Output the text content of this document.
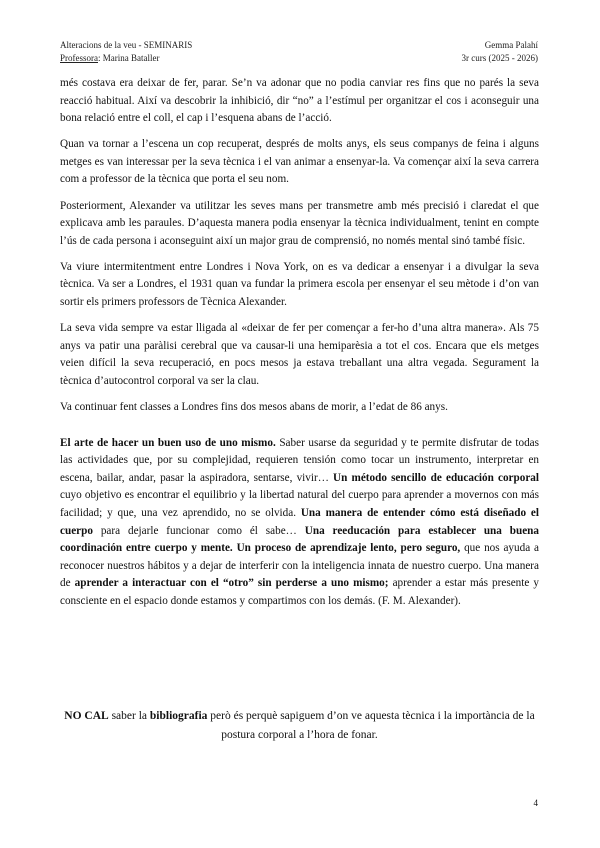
Alteracions de la veu - SEMINARIS
Professora: Marina Bataller
Gemma Palahí
3r curs (2025 - 2026)

més costava era deixar de fer, parar. Se’n va adonar que no podia canviar res fins que no parés la seva reacció habitual. Així va descobrir la inhibició, dir “no” a l’estímul per organitzar el cos i aconseguir una bona relació entre el coll, el cap i l’esquena abans de l’acció.

Quan va tornar a l’escena un cop recuperat, després de molts anys, els seus companys de feina i alguns metges es van interessar per la seva tècnica i el van animar a ensenyar-la. Va començar així la seva carrera com a professor de la tècnica que porta el seu nom.

Posteriorment, Alexander va utilitzar les seves mans per transmetre amb més precisió i claredat el que explicava amb les paraules. D’aquesta manera podia ensenyar la tècnica individualment, tenint en compte l’ús de cada persona i aconseguint així un major grau de comprensió, no només mental sinó també físic.

Va viure intermitentment entre Londres i Nova York, on es va dedicar a ensenyar i a divulgar la seva tècnica. Va ser a Londres, el 1931 quan va fundar la primera escola per ensenyar el seu mètode i d’on van sortir els primers professors de Tècnica Alexander.

La seva vida sempre va estar lligada al «deixar de fer per començar a fer-ho d’una altra manera». Als 75 anys va patir una paràlisi cerebral que va causar-li una hemiparèsia a tot el cos. Encara que els metges veien difícil la seva recuperació, en pocs mesos ja estava treballant una altra vegada. Segurament la tècnica d’autocontrol corporal va ser la clau.

Va continuar fent classes a Londres fins dos mesos abans de morir, a l’edat de 86 anys.

El arte de hacer un buen uso de uno mismo. Saber usarse da seguridad y te permite disfrutar de todas las actividades que, por su complejidad, requieren tensión como tocar un instrumento, interpretar en escena, bailar, andar, pasar la aspiradora, sentarse, vivir… Un método sencillo de educación corporal cuyo objetivo es encontrar el equilibrio y la libertad natural del cuerpo para aprender a movernos con más facilidad; y que, una vez aprendido, no se olvida. Una manera de entender cómo está diseñado el cuerpo para dejarle funcionar como él sabe… Una reeducación para establecer una buena coordinación entre cuerpo y mente. Un proceso de aprendizaje lento, pero seguro, que nos ayuda a reconocer nuestros hábitos y a dejar de interferir con la inteligencia innata de nuestro cuerpo. Una manera de aprender a interactuar con el “otro” sin perderse a uno mismo; aprender a estar más presente y consciente en el espacio donde estamos y compartimos con los demás. (F. M. Alexander).

NO CAL saber la bibliografia però és perquè sapiguem d’on ve aquesta tècnica i la importància de la postura corporal a l’hora de fonar.
4
